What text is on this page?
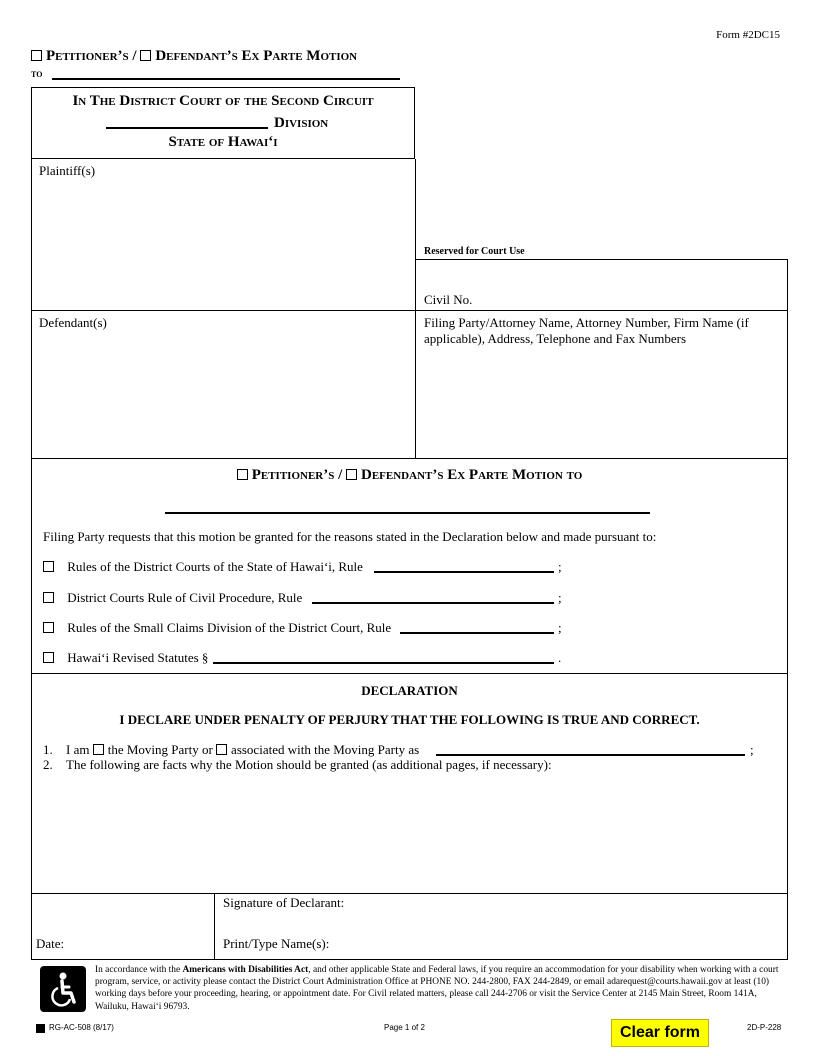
Form #2DC15
Petitioner’s / Defendant’s Ex Parte Motion
to
In The District Court of the Second Circuit
Division
State of Hawai‘i
Plaintiff(s)
Reserved for Court Use
Civil No.
Defendant(s)	Filing Party/Attorney Name, Attorney Number, Firm Name (if applicable), Address, Telephone and Fax Numbers
Petitioner’s / Defendant’s Ex Parte Motion to
Filing Party requests that this motion be granted for the reasons stated in the Declaration below and made pursuant to:
Rules of the District Courts of the State of Hawai‘i, Rule	;
District Courts Rule of Civil Procedure, Rule	;
Rules of the Small Claims Division of the District Court, Rule	;
Hawai‘i Revised Statutes §	.
DECLARATION
I DECLARE UNDER PENALTY OF PERJURY THAT THE FOLLOWING IS TRUE AND CORRECT.
1. I am the Moving Party or associated with the Moving Party as	;
2. The following are facts why the Motion should be granted (as additional pages, if necessary):
Signature of Declarant:
Date:	Print/Type Name(s):
In accordance with the Americans with Disabilities Act, and other applicable State and Federal laws, if you require an accommodation for your disability when working with a court program, service, or activity please contact the District Court Administration Office at PHONE NO. 244-2800, FAX 244-2849, or email adarequest@courts.hawaii.gov at least (10) working days before your proceeding, hearing, or appointment date. For Civil related matters, please call 244-2706 or visit the Service Center at 2145 Main Street, Room 141A, Wailuku, Hawai‘i 96793.
RG-AC-508 (8/17)	Page 1 of 2	Clear form	2D-P-228
